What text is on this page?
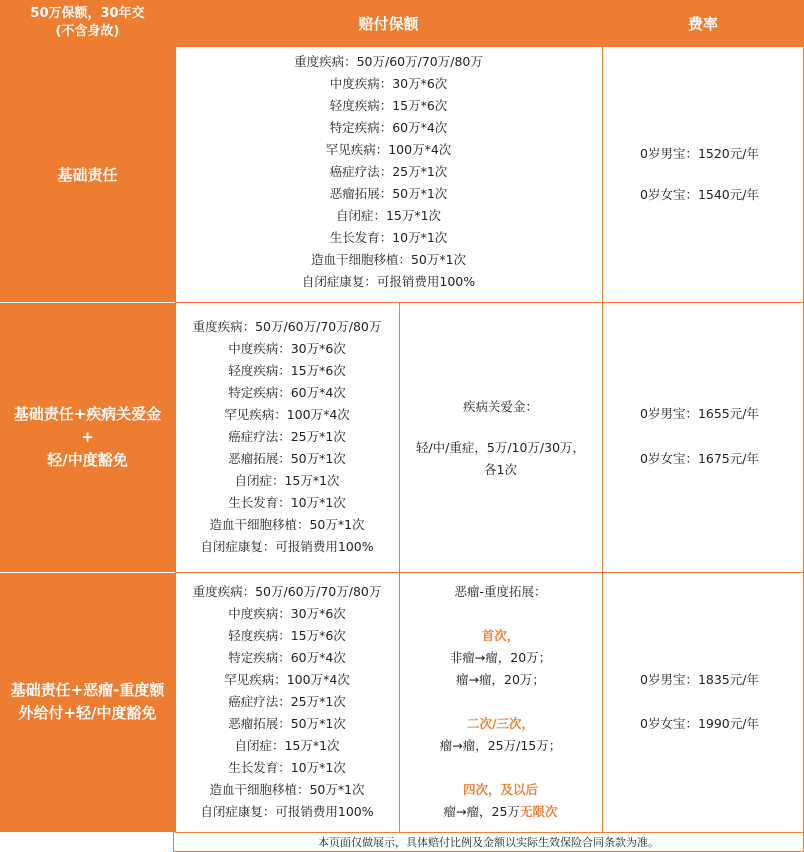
50万保额，30年交
(不含身故)	赔付保额	费率
基础责任
重度疾病：50万/60万/70万/80万
中度疾病：30万*6次
轻度疾病：15万*6次
特定疾病：60万*4次
罕见疾病：100万*4次
癌症疗法：25万*1次
恶瘤拓展：50万*1次
自闭症：15万*1次
生长发育：10万*1次
造血干细胞移植：50万*1次
自闭症康复：可报销费用100%
0岁男宝：1520元/年
0岁女宝：1540元/年
基础责任+疾病关爱金
+
轻/中度豁免
重度疾病：50万/60万/70万/80万
中度疾病：30万*6次
轻度疾病：15万*6次
特定疾病：60万*4次
罕见疾病：100万*4次
癌症疗法：25万*1次
恶瘤拓展：50万*1次
自闭症：15万*1次
生长发育：10万*1次
造血干细胞移植：50万*1次
自闭症康复：可报销费用100%
疾病关爱金：
轻/中/重症，5万/10万/30万，
各1次
0岁男宝：1655元/年
0岁女宝：1675元/年
基础责任+恶瘤-重度额
外给付+轻/中度豁免
重度疾病：50万/60万/70万/80万
中度疾病：30万*6次
轻度疾病：15万*6次
特定疾病：60万*4次
罕见疾病：100万*4次
癌症疗法：25万*1次
恶瘤拓展：50万*1次
自闭症：15万*1次
生长发育：10万*1次
造血干细胞移植：50万*1次
自闭症康复：可报销费用100%
恶瘤-重度拓展：
首次，
非瘤→瘤，20万；
瘤→瘤，20万；
二次/三次，
瘤→瘤，25万/15万；
四次，及以后
瘤→瘤，25万无限次
0岁男宝：1835元/年
0岁女宝：1990元/年
本页面仅做展示，具体赔付比例及金额以实际生效保险合同条款为准。
